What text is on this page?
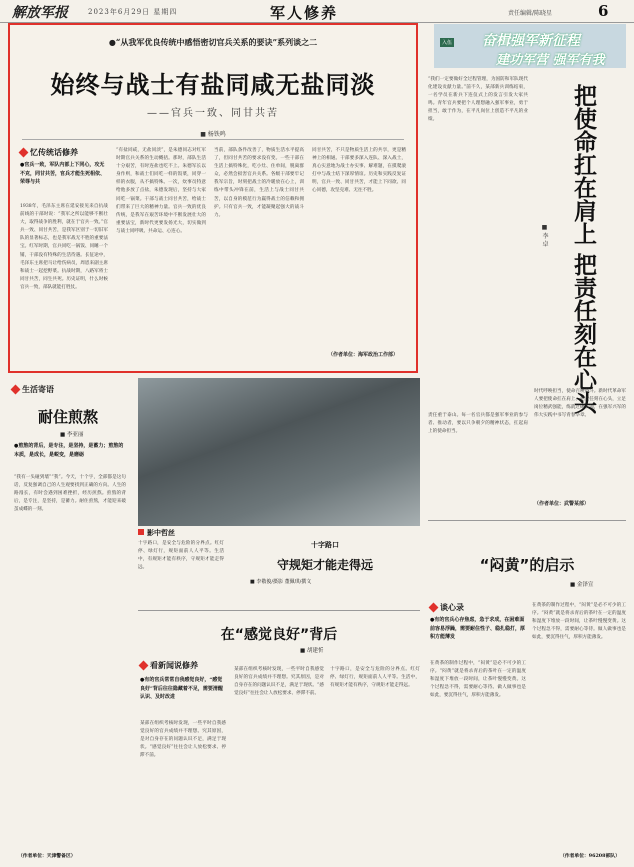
解放军报	2023年6月29日 星期四	军人修养	责任编辑/陈晓星	6
●“从我军优良传统中感悟密切官兵关系的要诀”系列谈之二
始终与战士有盐同咸无盐同淡
——官兵一致、同甘共苦
■ 杨铁鸣
忆传统话修养
●官兵一致，军队内部上下同心，攻无不克，同甘共苦，官兵才能生死相依、荣辱与共
1938年，毛泽东主席在延安接见来自抗战前线的干部时说：“我军之所以能够不断壮大，取得战争的胜利，就在于官兵一致。”官兵一致、同甘共苦，是我军区别于一切旧军队的显著标志，也是我军战无不胜的重要法宝。红军时期，官兵同吃一锅饭、同睡一个铺，干部没有特殊的生活待遇。长征途中，毛泽东主席把马让给伤病员，周恩来副主席和战士一起挖野菜。抗战时期，八路军将士同甘共苦，同生共死。历史证明，什么时候官兵一致，部队就能打胜仗。
“有盐同咸，无盐同淡”，是朱德同志对红军时期官兵关系的生动概括。那时，部队生活十分艰苦，有时连盐也吃不上。朱德军长以身作则，和战士们同吃一样的饭菜，同穿一样的衣服，从不搞特殊。一次，炊事员特意给他多放了点盐，朱德发现后，坚持与大家同吃一锅菜。干部与战士同甘共苦，给战士们带来了巨大的精神力量。官兵一致的优良传统，是我军在艰苦环境中不断发展壮大的重要法宝，新时代更要发扬光大，切实做到与战士同呼吸、共命运、心连心。
当前，部队条件改善了，物质生活水平提高了，但同甘共苦的要求没有变。一些干部在生活上搞特殊化，吃小灶、住单间，脱离群众，必然会损害官兵关系。各级干部要牢记我军宗旨，时刻把战士的冷暖放在心上，训练中带头冲锋在前，生活上与战士同甘共苦，以自身的模范行为赢得战士的信赖和拥护。只有官兵一致，才能凝聚起强大的战斗力。
同甘共苦，不只是物质生活上的共享，更是精神上的相通。干部要多深入连队、深入战士，真心实意地为战士办实事、解难题，在摸爬滚打中与战士结下深厚情谊。历史和实践反复证明，官兵一致、同甘共苦，才能上下同欲、同心同德，攻坚克难、无往不胜。
（作者单位：海军政治工作部）
入伍 奋楫强军新征程
建功军营 强军有我
“我们一定要做好全过程管理，为国防和军队现代化建设贡献力量。”前不久，某部新兵训练结束，一名学员在新兵下连仪式上的发言引发大家共鸣。青年官兵要把个人理想融入强军事业，勇于担当，敢于作为，在平凡岗位上创造不平凡的业绩。	把使命扛在肩上 把责任刻在心头
■ 李 卓
时代呼唤担当，使命召唤奋斗。新时代革命军人要把使命扛在肩上、把责任刻在心头，立足岗位精武强能，练就过硬本领，在强军兴军的伟大实践中书写青春华章。
责任重于泰山。每一名官兵都是强军事业的参与者、推动者，要以只争朝夕的精神状态，扛起肩上的使命担当。
（作者单位：武警某部）
生活寄语
耐住煎熬
■ 李亚丽
●煎熬的背后，是专注，是坚持，是蓄力；煎熬的本质，是成长，是蜕变，是磨砺
“我有一头碰到墙”“我”。今天，十个字，全部都是这句话，反复强调自己的人生观要找到正确的方向。人生的路漫长，有时会遇到困难挫折，经历煎熬。煎熬的背后，是专注，是坚持，是蓄力。耐住煎熬，才能迎来破茧成蝶的一刻。
（作者单位：天津警备区）
影中哲丝
十字路口，是安全与危险的分界点。红灯停、绿灯行，规矩面前人人平等。生活中，有规矩才能有秩序，守规矩才能走得远。
十字路口
守规矩才能走得远
■ 李敬俊/摄影 董佩琪/撰文
在“感觉良好”背后
■ 胡建忻
看新闻说修养
●有的官兵常常自我感觉良好，“感觉良好”背后往往隐藏着不足，需要清醒认识、及时改进
某部在组织考核时发现，一些平时自我感觉良好的官兵成绩并不理想。究其原因，是对自身存在的问题认识不足，满足于现状。“感觉良好”往往会让人放松要求、停滞不前。
某部在组织考核时发现，一些平时自我感觉良好的官兵成绩并不理想。究其原因，是对自身存在的问题认识不足，满足于现状。“感觉良好”往往会让人放松要求、停滞不前。
十字路口，是安全与危险的分界点。红灯停、绿灯行，规矩面前人人平等。生活中，有规矩才能有秩序，守规矩才能走得远。
“闷黄”的启示
■ 金泽宣
谈心录
●有的官兵心存焦虑，急于求成，在困难面前容易浮躁，需要耐住性子、稳扎稳打，厚积方能薄发
在黄茶的制作过程中，“闷黄”是必不可少的工序。“闷黄”就是将杀青后的茶叶在一定的温度和湿度下堆放一段时间，让茶叶慢慢变黄。这个过程急不得，需要耐心等待。做人做事也是如此，要沉得住气，厚积方能薄发。
在黄茶的制作过程中，“闷黄”是必不可少的工序。“闷黄”就是将杀青后的茶叶在一定的温度和湿度下堆放一段时间，让茶叶慢慢变黄。这个过程急不得，需要耐心等待。做人做事也是如此，要沉得住气，厚积方能薄发。
（作者单位：96208部队）
